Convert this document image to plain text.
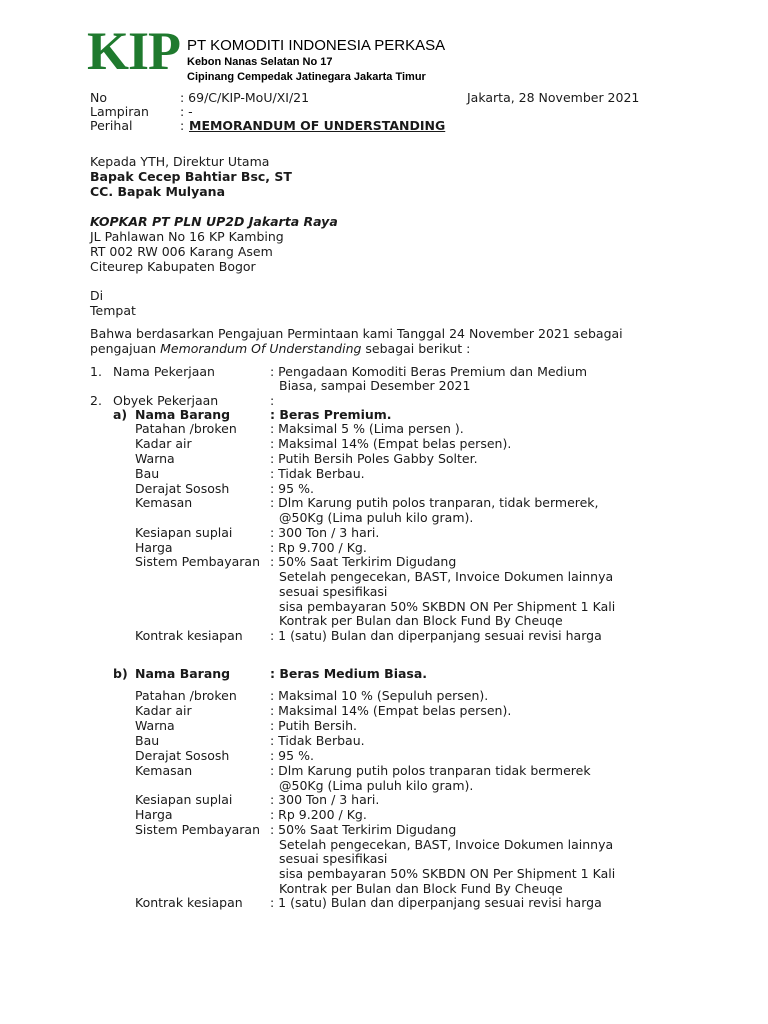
KIP PT KOMODITI INDONESIA PERKASA
Kebon Nanas Selatan No 17
Cipinang Cempedak Jatinegara Jakarta Timur
No	: 69/C/KIP-MoU/XI/21	Jakarta, 28 November 2021
Lampiran : -
Perihal	: MEMORANDUM OF UNDERSTANDING
Kepada YTH, Direktur Utama
Bapak Cecep Bahtiar Bsc, ST
CC. Bapak Mulyana
KOPKAR PT PLN UP2D Jakarta Raya
JL Pahlawan No 16 KP Kambing
RT 002 RW 006 Karang Asem
Citeurep Kabupaten Bogor
Di
Tempat
Bahwa berdasarkan Pengajuan Permintaan kami Tanggal 24 November 2021 sebagai
pengajuan Memorandum Of Understanding sebagai berikut :
1. Nama Pekerjaan	: Pengadaan Komoditi Beras Premium dan Medium
Biasa, sampai Desember 2021
2. Obyek Pekerjaan	:
a) Nama Barang	: Beras Premium.
Patahan /broken	: Maksimal 5 % (Lima persen ).
Kadar air	: Maksimal 14% (Empat belas persen).
Warna	: Putih Bersih Poles Gabby Solter.
Bau	: Tidak Berbau.
Derajat Sososh	: 95 %.
Kemasan	: Dlm Karung putih polos tranparan, tidak bermerek,
@50Kg (Lima puluh kilo gram).
Kesiapan suplai	: 300 Ton / 3 hari.
Harga	: Rp 9.700 / Kg.
Sistem Pembayaran : 50% Saat Terkirim Digudang
Setelah pengecekan, BAST, Invoice Dokumen lainnya
sesuai spesifikasi
sisa pembayaran 50% SKBDN ON Per Shipment 1 Kali
Kontrak per Bulan dan Block Fund By Cheuqe
Kontrak kesiapan : 1 (satu) Bulan dan diperpanjang sesuai revisi harga
b) Nama Barang	: Beras Medium Biasa.
Patahan /broken	: Maksimal 10 % (Sepuluh persen).
Kadar air	: Maksimal 14% (Empat belas persen).
Warna	: Putih Bersih.
Bau	: Tidak Berbau.
Derajat Sososh	: 95 %.
Kemasan	: Dlm Karung putih polos tranparan tidak bermerek
@50Kg (Lima puluh kilo gram).
Kesiapan suplai	: 300 Ton / 3 hari.
Harga	: Rp 9.200 / Kg.
Sistem Pembayaran : 50% Saat Terkirim Digudang
Setelah pengecekan, BAST, Invoice Dokumen lainnya
sesuai spesifikasi
sisa pembayaran 50% SKBDN ON Per Shipment 1 Kali
Kontrak per Bulan dan Block Fund By Cheuqe
Kontrak kesiapan : 1 (satu) Bulan dan diperpanjang sesuai revisi harga
